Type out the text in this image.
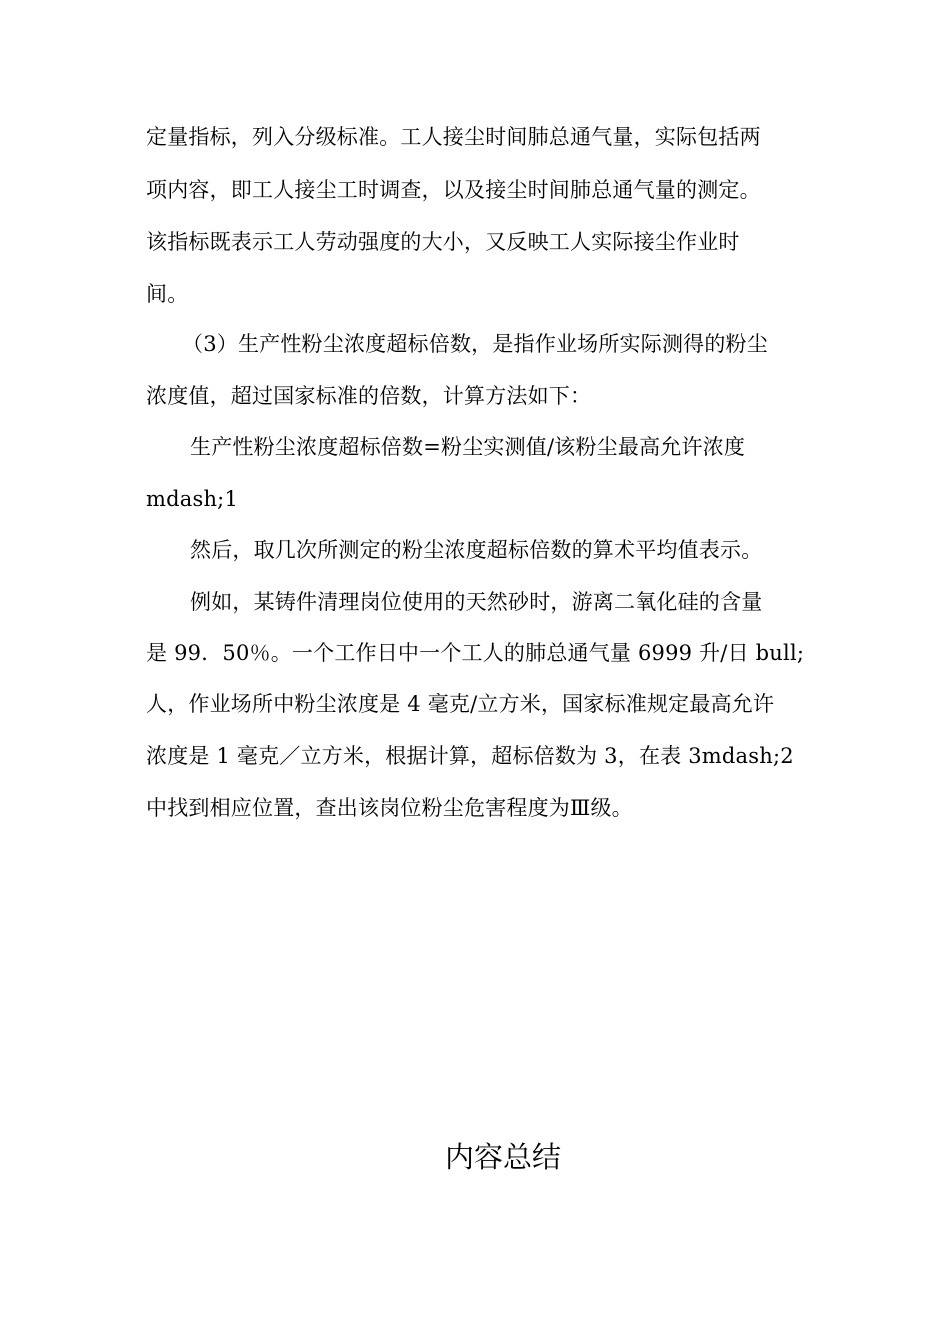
定量指标，列入分级标准。工人接尘时间肺总通气量，实际包括两
项内容，即工人接尘工时调查，以及接尘时间肺总通气量的测定。
该指标既表示工人劳动强度的大小，又反映工人实际接尘作业时
间。
（3）生产性粉尘浓度超标倍数，是指作业场所实际测得的粉尘
浓度值，超过国家标准的倍数，计算方法如下：
生产性粉尘浓度超标倍数=粉尘实测值/该粉尘最高允许浓度
mdash;1
然后，取几次所测定的粉尘浓度超标倍数的算术平均值表示。
例如，某铸件清理岗位使用的天然砂时，游离二氧化硅的含量
是 99．50％。一个工作日中一个工人的肺总通气量 6999 升/日 bull;
人，作业场所中粉尘浓度是 4 毫克/立方米，国家标准规定最高允许
浓度是 1 毫克／立方米，根据计算，超标倍数为 3，在表 3mdash;2
中找到相应位置，查出该岗位粉尘危害程度为Ⅲ级。
内容总结
